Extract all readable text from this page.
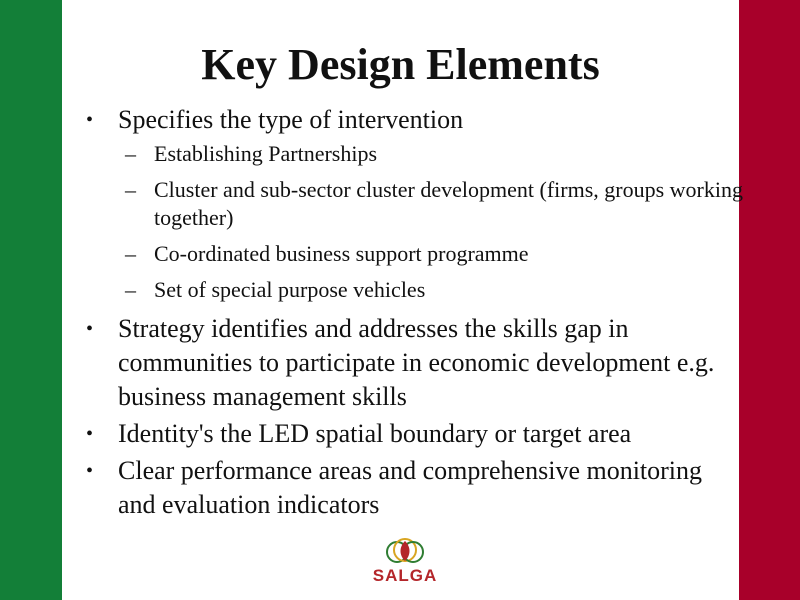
Key Design Elements
• Specifies the type of intervention
– Establishing Partnerships
– Cluster and sub-sector cluster development (firms, groups working together)
– Co-ordinated business support programme
– Set of special purpose vehicles
• Strategy identifies and addresses the skills gap in communities to participate in economic development e.g. business management skills
• Identity's the LED spatial boundary or target area
• Clear performance areas and comprehensive monitoring and evaluation indicators
SALGA
